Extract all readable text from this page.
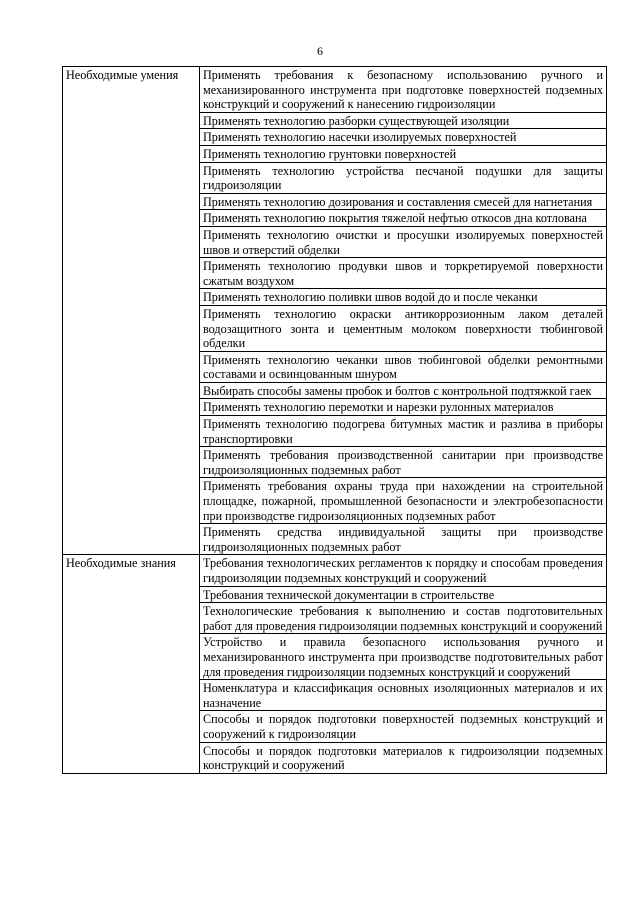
6
Необходимые умения	Применять требования к безопасному использованию ручного и механизированного инструмента при подготовке поверхностей подземных конструкций и сооружений к нанесению гидроизоляции
	Применять технологию разборки существующей изоляции
	Применять технологию насечки изолируемых поверхностей
	Применять технологию грунтовки поверхностей
	Применять технологию устройства песчаной подушки для защиты гидроизоляции
	Применять технологию дозирования и составления смесей для нагнетания
	Применять технологию покрытия тяжелой нефтью откосов дна котлована
	Применять технологию очистки и просушки изолируемых поверхностей швов и отверстий обделки
	Применять технологию продувки швов и торкретируемой поверхности сжатым воздухом
	Применять технологию поливки швов водой до и после чеканки
	Применять технологию окраски антикоррозионным лаком деталей водозащитного зонта и цементным молоком поверхности тюбинговой обделки
	Применять технологию чеканки швов тюбинговой обделки ремонтными составами и освинцованным шнуром
	Выбирать способы замены пробок и болтов с контрольной подтяжкой гаек
	Применять технологию перемотки и нарезки рулонных материалов
	Применять технологию подогрева битумных мастик и разлива в приборы транспортировки
	Применять требования производственной санитарии при производстве гидроизоляционных подземных работ
	Применять требования охраны труда при нахождении на строительной площадке, пожарной, промышленной безопасности и электробезопасности при производстве гидроизоляционных подземных работ
	Применять средства индивидуальной защиты при производстве гидроизоляционных подземных работ
Необходимые знания	Требования технологических регламентов к порядку и способам проведения гидроизоляции подземных конструкций и сооружений
	Требования технической документации в строительстве
	Технологические требования к выполнению и состав подготовительных работ для проведения гидроизоляции подземных конструкций и сооружений
	Устройство и правила безопасного использования ручного и механизированного инструмента при производстве подготовительных работ для проведения гидроизоляции подземных конструкций и сооружений
	Номенклатура и классификация основных изоляционных материалов и их назначение
	Способы и порядок подготовки поверхностей подземных конструкций и сооружений к гидроизоляции
	Способы и порядок подготовки материалов к гидроизоляции подземных конструкций и сооружений
